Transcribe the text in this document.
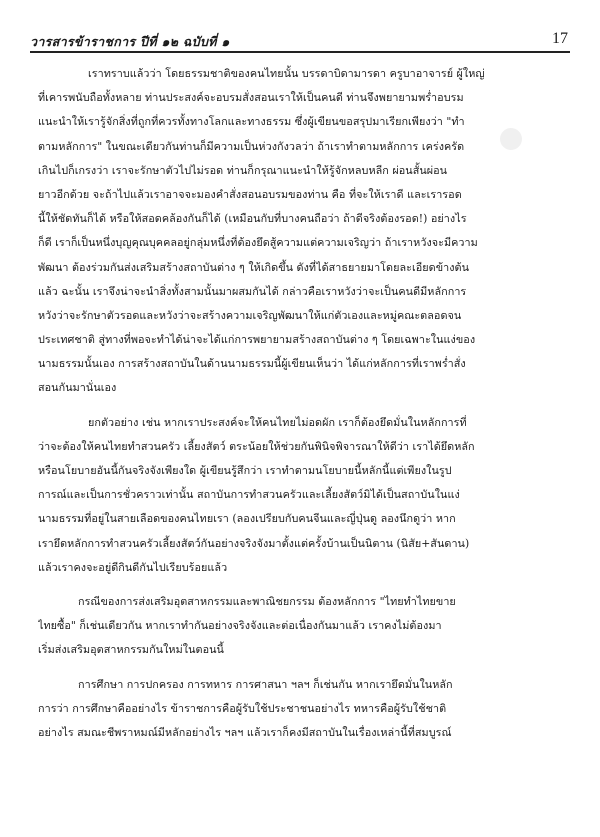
วารสารข้าราชการ ปีที่ ๑๒ ฉบับที่ ๑	17
เราทราบแล้วว่า โดยธรรมชาติของคนไทยนั้น บรรดาบิดามารดา ครูบาอาจารย์ ผู้ใหญ่
ที่เคารพนับถือทั้งหลาย ท่านประสงค์จะอบรมสั่งสอนเราให้เป็นคนดี ท่านจึงพยายามพร่ำอบรม
แนะนำให้เรารู้จักสิ่งที่ถูกที่ควรทั้งทางโลกและทางธรรม ซึ่งผู้เขียนขอสรุปมาเรียกเพียงว่า "ทำ
ตามหลักการ" ในขณะเดียวกันท่านก็มีความเป็นห่วงกังวลว่า ถ้าเราทำตามหลักการ เคร่งครัด
เกินไปก็เกรงว่า เราจะรักษาตัวไปไม่รอด ท่านก็กรุณาแนะนำให้รู้จักหลบหลีก ผ่อนสั้นผ่อน
ยาวอีกด้วย จะถ้าไปแล้วเราอาจจะมองคำสั่งสอนอบรมของท่าน คือ ที่จะให้เราดี และเรารอด
นี้ให้ชัดทันก็ได้ หรือให้สอดคล้องกันก็ได้ (เหมือนกับที่บางคนถือว่า ถ้าดีจริงต้องรอด!) อย่างไร
ก็ดี เราก็เป็นหนึ่งบุญคุณบุคคลอยู่กลุ่มหนึ่งที่ต้องยึดสู้ความแต่ความเจริญว่า ถ้าเราหวังจะมีความ
พัฒนา ต้องร่วมกันส่งเสริมสร้างสถาบันต่าง ๆ ให้เกิดขึ้น ดังที่ได้สาธยายมาโดยละเอียดข้างต้น
แล้ว ฉะนั้น เราจึงน่าจะนำสิ่งทั้งสามนั้นมาผสมกันได้ กล่าวคือเราหวังว่าจะเป็นคนดีมีหลักการ
หวังว่าจะรักษาตัวรอดและหวังว่าจะสร้างความเจริญพัฒนาให้แก่ตัวเองและหมู่คณะตลอดจน
ประเทศชาติ สู่ทางที่พอจะทำได้น่าจะได้แก่การพยายามสร้างสถาบันต่าง ๆ โดยเฉพาะในแง่ของ
นามธรรมนั้นเอง การสร้างสถาบันในด้านนามธรรมนี้ผู้เขียนเห็นว่า ได้แก่หลักการที่เราพร่ำสั่ง
สอนกันมานั่นเอง
ยกตัวอย่าง เช่น หากเราประสงค์จะให้คนไทยไม่อดผัก เราก็ต้องยึดมั่นในหลักการที่
ว่าจะต้องให้คนไทยทำสวนครัว เลี้ยงสัตว์ ตระน้อยให้ช่วยกันพินิจพิจารณาให้ดีว่า เราได้ยึดหลัก
หรือนโยบายอันนี้กันจริงจังเพียงใด ผู้เขียนรู้สึกว่า เราทำตามนโยบายนี้หลักนี้แต่เพียงในรูป
การณ์และเป็นการชั่วคราวเท่านั้น สถาบันการทำสวนครัวและเลี้ยงสัตว์มิได้เป็นสถาบันในแง่
นามธรรมที่อยู่ในสายเลือดของคนไทยเรา (ลองเปรียบกับคนจีนและญี่ปุ่นดู ลองนึกดูว่า หาก
เรายึดหลักการทำสวนครัวเลี้ยงสัตว์กันอย่างจริงจังมาตั้งแต่ครั้งบ้านเป็นนิตาน (นิสัย+สันดาน)
แล้วเราคงจะอยู่ดีกินดีกันไปเรียบร้อยแล้ว
กรณีของการส่งเสริมอุตสาหกรรมและพาณิชยกรรม ต้องหลักการ "ไทยทำไทยขาย
ไทยซื้อ" ก็เช่นเดียวกัน หากเราทำกันอย่างจริงจังและต่อเนื่องกันมาแล้ว เราคงไม่ต้องมา
เริ่มส่งเสริมอุตสาหกรรมกันใหม่ในตอนนี้
การศึกษา การปกครอง การทหาร การศาสนา ฯลฯ ก็เช่นกัน หากเรายึดมั่นในหลัก
การว่า การศึกษาคืออย่างไร ข้าราชการคือผู้รับใช้ประชาชนอย่างไร ทหารคือผู้รับใช้ชาติ
อย่างไร สมณะชีพราหมณ์มีหลักอย่างไร ฯลฯ แล้วเราก็คงมีสถาบันในเรื่องเหล่านี้ที่สมบูรณ์
